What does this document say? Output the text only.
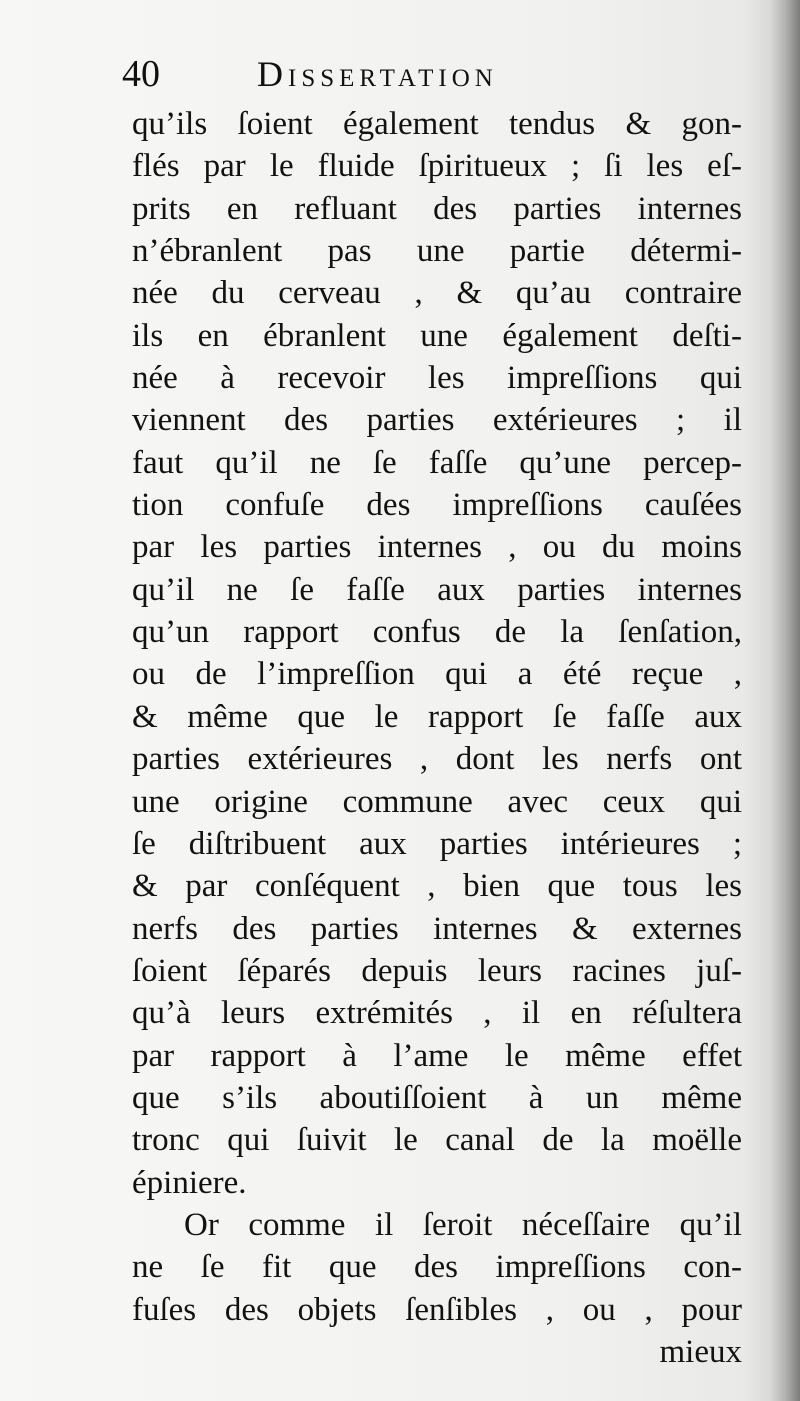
40	Dissertation
qu’ils ſoient également tendus & gon-
flés par le fluide ſpiritueux ; ſi les eſ-
prits en refluant des parties internes
n’ébranlent pas une partie détermi-
née du cerveau , & qu’au contraire
ils en ébranlent une également deſti-
née à recevoir les impreſſions qui
viennent des parties extérieures ; il
faut qu’il ne ſe faſſe qu’une percep-
tion confuſe des impreſſions cauſées
par les parties internes , ou du moins
qu’il ne ſe faſſe aux parties internes
qu’un rapport confus de la ſenſation,
ou de l’impreſſion qui a été reçue ,
& même que le rapport ſe faſſe aux
parties extérieures , dont les nerfs ont
une origine commune avec ceux qui
ſe diſtribuent aux parties intérieures ;
& par conſéquent , bien que tous les
nerfs des parties internes & externes
ſoient ſéparés depuis leurs racines juſ-
qu’à leurs extrémités , il en réſultera
par rapport à l’ame le même effet
que s’ils aboutiſſoient à un même
tronc qui ſuivit le canal de la moëlle
épiniere.
Or comme il ſeroit néceſſaire qu’il
ne ſe fit que des impreſſions con-
fuſes des objets ſenſibles , ou , pour
mieux
